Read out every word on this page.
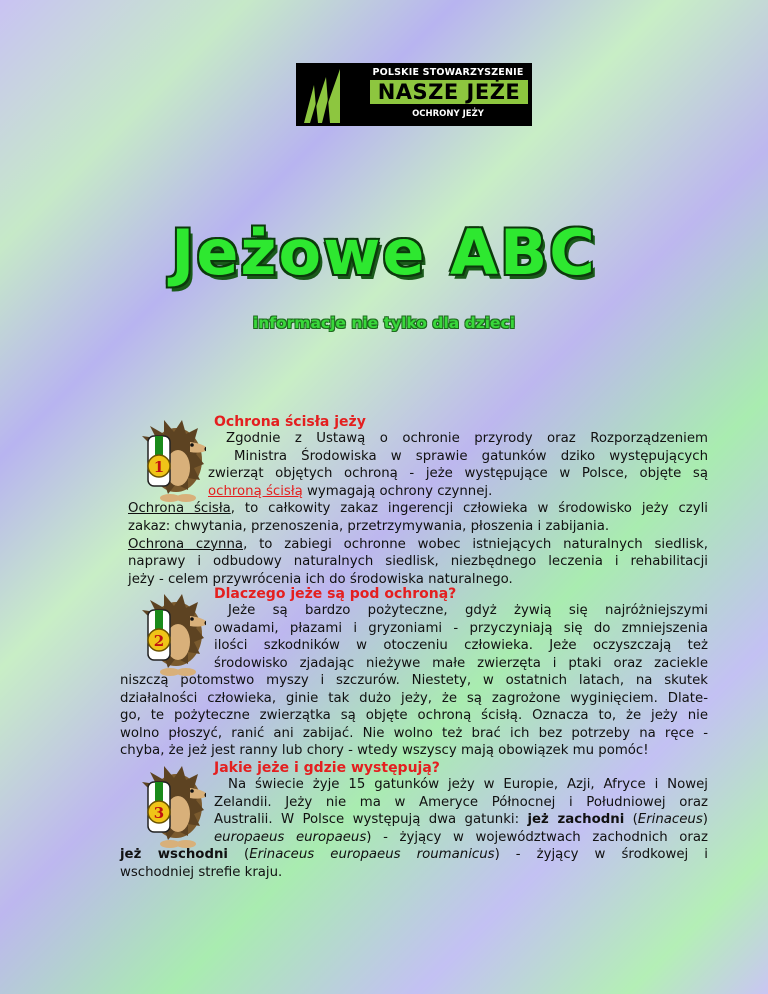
POLSKIE STOWARZYSZENIE
NASZE JEŻE
OCHRONY JEŻY
Jeżowe ABC
informacje nie tylko dla dzieci
1
2
3
Ochrona ścisła jeży
Zgodnie z Ustawą o ochronie przyrody oraz Rozporządzeniem
Ministra Środowiska w sprawie gatunków dziko występujących
zwierząt objętych ochroną - jeże występujące w Polsce, objęte są
ochroną ścisłą wymagają ochrony czynnej.
Ochrona ścisła, to całkowity zakaz ingerencji człowieka w środowisko jeży czyli
zakaz: chwytania, przenoszenia, przetrzymywania, płoszenia i zabijania.
Ochrona czynna, to zabiegi ochronne wobec istniejących naturalnych siedlisk,
naprawy i odbudowy naturalnych siedlisk, niezbędnego leczenia i rehabilitacji
jeży - celem przywrócenia ich do środowiska naturalnego.
Dlaczego jeże są pod ochroną?
Jeże są bardzo pożyteczne, gdyż żywią się najróżniejszymi
owadami, płazami i gryzoniami - przyczyniają się do zmniejszenia
ilości szkodników w otoczeniu człowieka. Jeże oczyszczają też
środowisko zjadając nieżywe małe zwierzęta i ptaki oraz zaciekle
niszczą potomstwo myszy i szczurów. Niestety, w ostatnich latach, na skutek
działalności człowieka, ginie tak dużo jeży, że są zagrożone wyginięciem. Dlate-
go, te pożyteczne zwierzątka są objęte ochroną ścisłą. Oznacza to, że jeży nie
wolno płoszyć, ranić ani zabijać. Nie wolno też brać ich bez potrzeby na ręce -
chyba, że jeż jest ranny lub chory - wtedy wszyscy mają obowiązek mu pomóc!
Jakie jeże i gdzie występują?
Na świecie żyje 15 gatunków jeży w Europie, Azji, Afryce i Nowej
Zelandii. Jeży nie ma w Ameryce Północnej i Południowej oraz
Australii. W Polsce występują dwa gatunki: jeż zachodni (Erinaceus)
europaeus europaeus) - żyjący w województwach zachodnich oraz
jeż wschodni (Erinaceus europaeus roumanicus) - żyjący w środkowej i
wschodniej strefie kraju.
